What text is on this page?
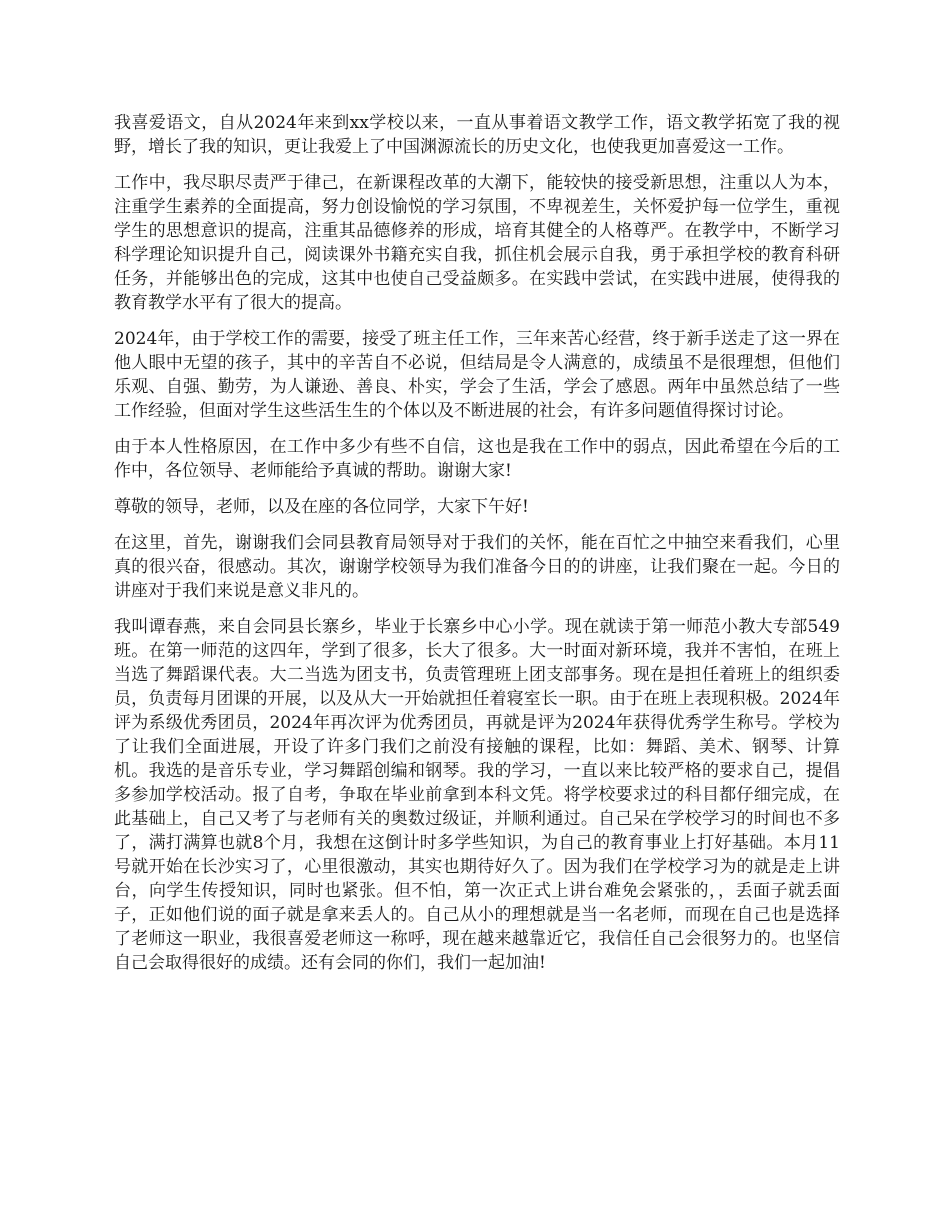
我喜爱语文，自从2024年来到xx学校以来，一直从事着语文教学工作，语文教学拓宽了我的视野，增长了我的知识，更让我爱上了中国渊源流长的历史文化，也使我更加喜爱这一工作。

工作中，我尽职尽责严于律己，在新课程改革的大潮下，能较快的接受新思想，注重以人为本，注重学生素养的全面提高，努力创设愉悦的学习氛围，不卑视差生，关怀爱护每一位学生，重视学生的思想意识的提高，注重其品德修养的形成，培育其健全的人格尊严。在教学中，不断学习科学理论知识提升自己，阅读课外书籍充实自我，抓住机会展示自我，勇于承担学校的教育科研任务，并能够出色的完成，这其中也使自己受益颇多。在实践中尝试，在实践中进展，使得我的教育教学水平有了很大的提高。

2024年，由于学校工作的需要，接受了班主任工作，三年来苦心经营，终于新手送走了这一界在他人眼中无望的孩子，其中的辛苦自不必说，但结局是令人满意的，成绩虽不是很理想，但他们乐观、自强、勤劳，为人谦逊、善良、朴实，学会了生活，学会了感恩。两年中虽然总结了一些工作经验，但面对学生这些活生生的个体以及不断进展的社会，有许多问题值得探讨讨论。

由于本人性格原因，在工作中多少有些不自信，这也是我在工作中的弱点，因此希望在今后的工作中，各位领导、老师能给予真诚的帮助。谢谢大家!

尊敬的领导，老师，以及在座的各位同学，大家下午好!

在这里，首先，谢谢我们会同县教育局领导对于我们的关怀，能在百忙之中抽空来看我们，心里真的很兴奋，很感动。其次，谢谢学校领导为我们准备今日的的讲座，让我们聚在一起。今日的讲座对于我们来说是意义非凡的。

我叫谭春燕，来自会同县长寨乡，毕业于长寨乡中心小学。现在就读于第一师范小教大专部549班。在第一师范的这四年，学到了很多，长大了很多。大一时面对新环境，我并不害怕，在班上当选了舞蹈课代表。大二当选为团支书，负责管理班上团支部事务。现在是担任着班上的组织委员，负责每月团课的开展，以及从大一开始就担任着寝室长一职。由于在班上表现积极。2024年评为系级优秀团员，2024年再次评为优秀团员，再就是评为2024年获得优秀学生称号。学校为了让我们全面进展，开设了许多门我们之前没有接触的课程，比如：舞蹈、美术、钢琴、计算机。我选的是音乐专业，学习舞蹈创编和钢琴。我的学习，一直以来比较严格的要求自己，提倡多参加学校活动。报了自考，争取在毕业前拿到本科文凭。将学校要求过的科目都仔细完成，在此基础上，自己又考了与老师有关的奥数过级证，并顺利通过。自己呆在学校学习的时间也不多了，满打满算也就8个月，我想在这倒计时多学些知识，为自己的教育事业上打好基础。本月11号就开始在长沙实习了，心里很激动，其实也期待好久了。因为我们在学校学习为的就是走上讲台，向学生传授知识，同时也紧张。但不怕，第一次正式上讲台难免会紧张的，，丢面子就丢面子，正如他们说的面子就是拿来丢人的。自己从小的理想就是当一名老师，而现在自己也是选择了老师这一职业，我很喜爱老师这一称呼，现在越来越靠近它，我信任自己会很努力的。也坚信自己会取得很好的成绩。还有会同的你们，我们一起加油!
